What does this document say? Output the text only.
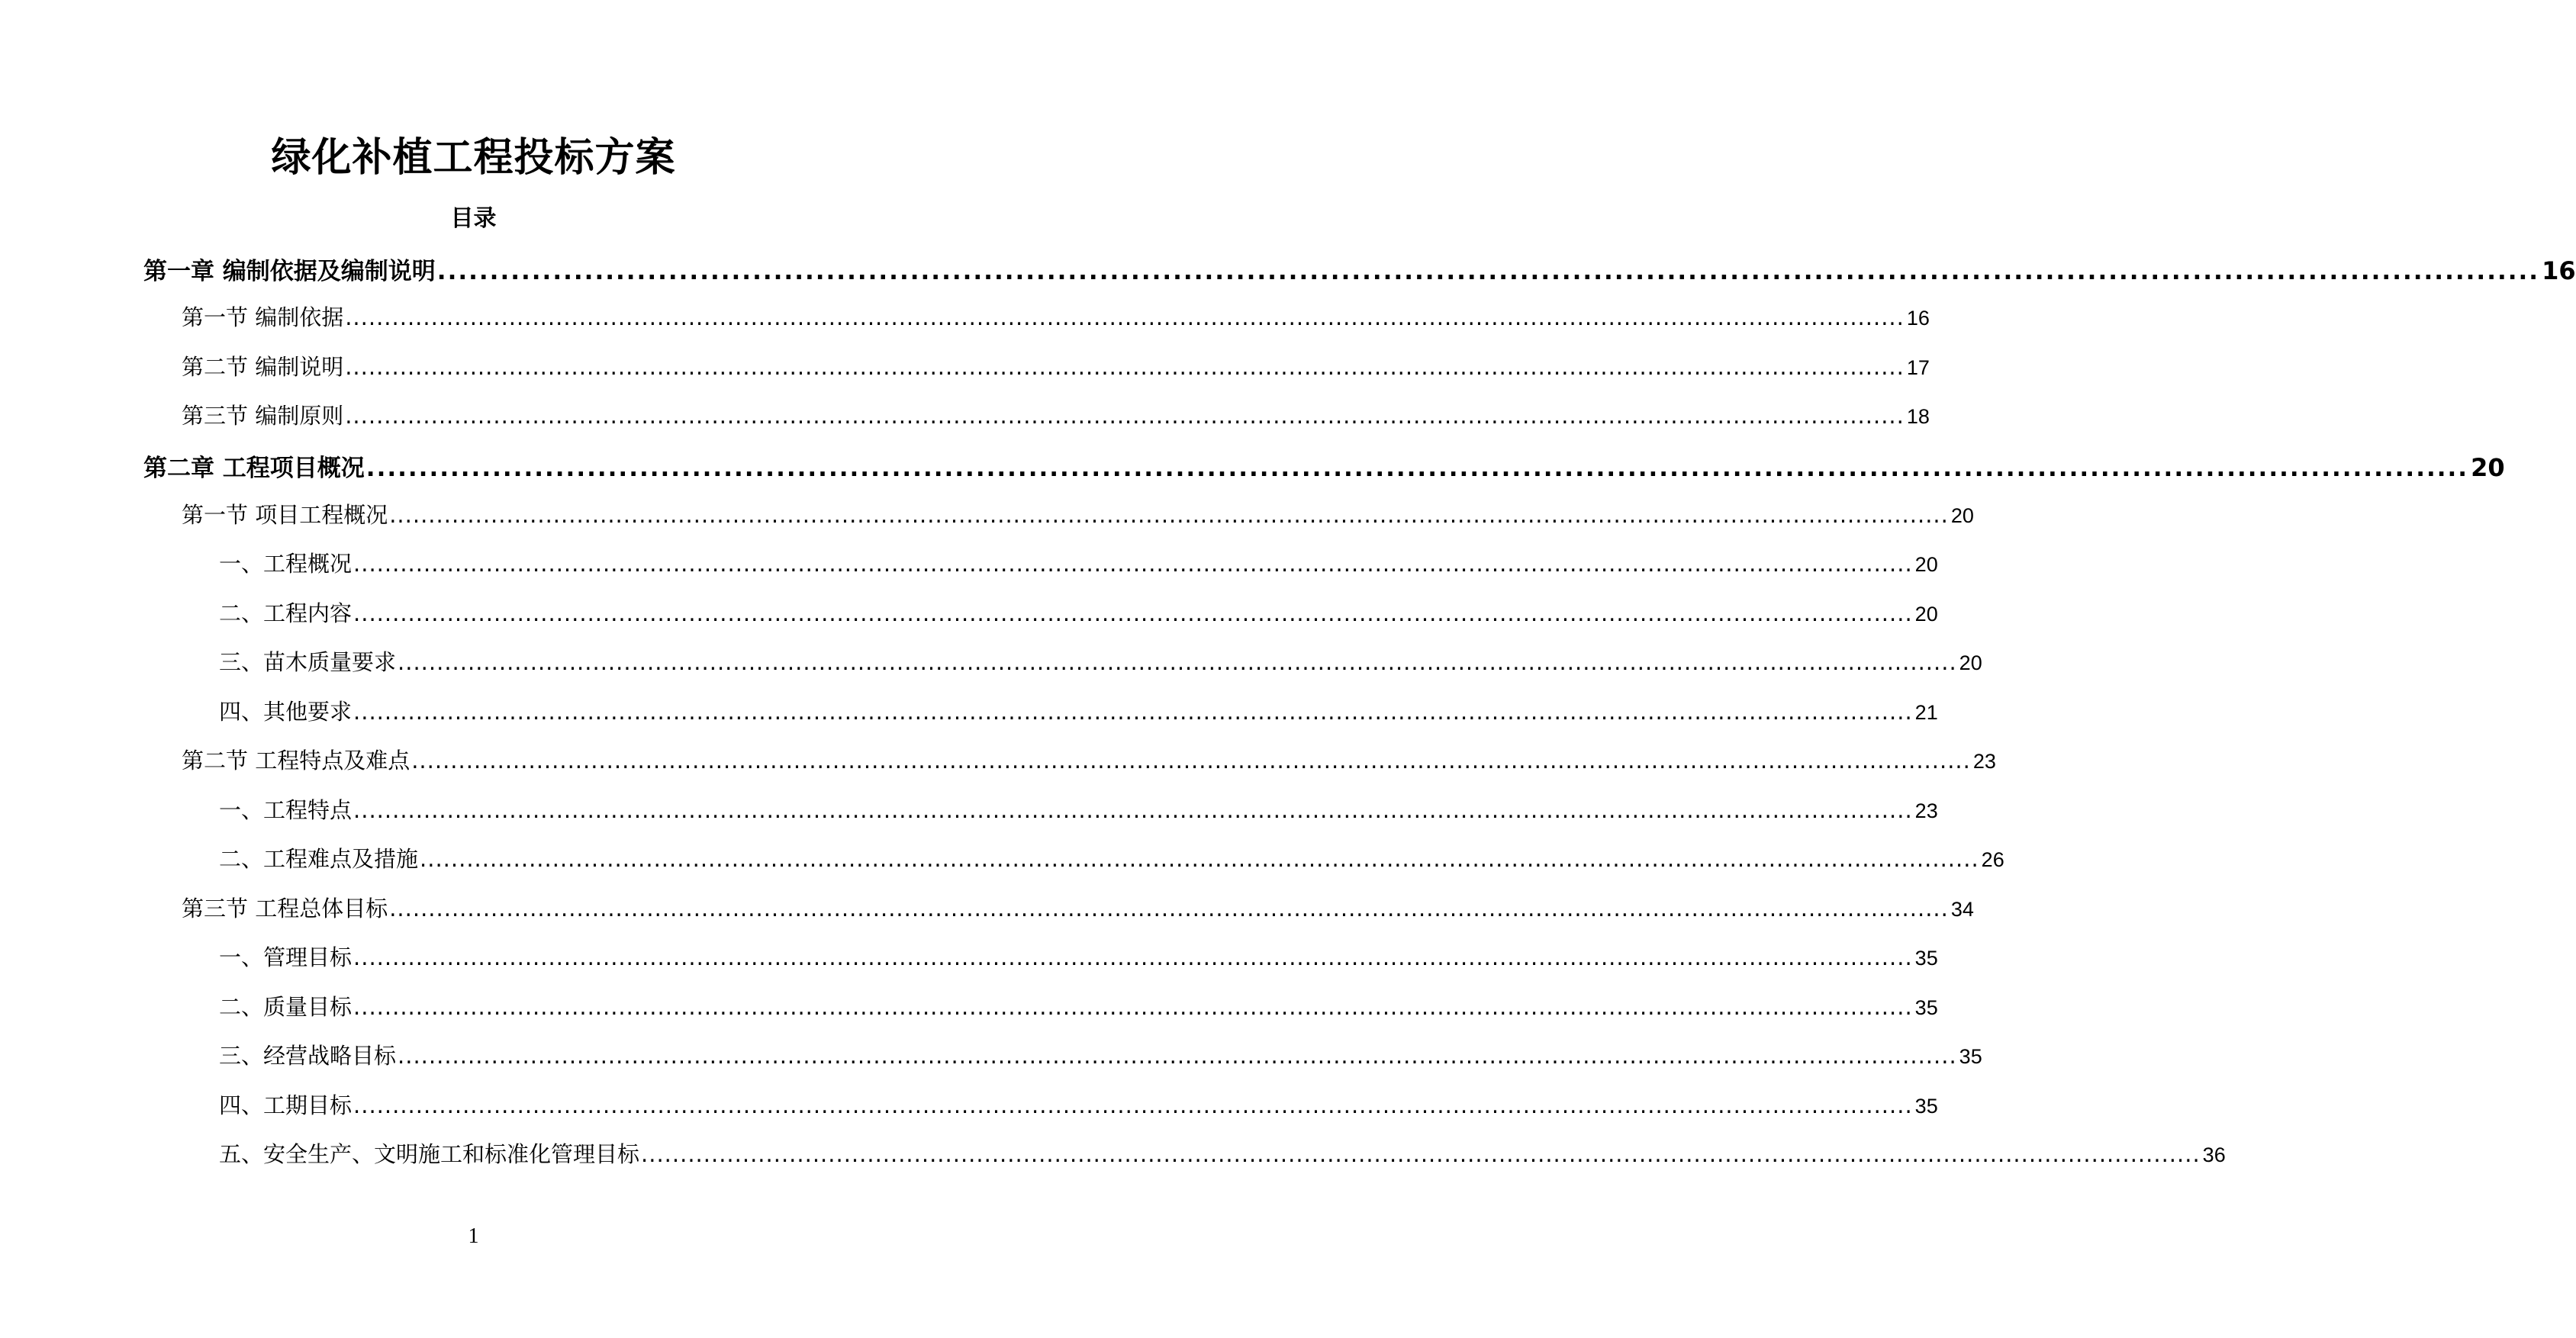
绿化补植工程投标方案
目录
第一章 编制依据及编制说明 ........................................................................................................................................................................................................ 16
第一节 编制依据 ........................................................................................................................................................................................................ 16
第二节 编制说明 ........................................................................................................................................................................................................ 17
第三节 编制原则 ........................................................................................................................................................................................................ 18
第二章 工程项目概况 ........................................................................................................................................................................................................ 20
第一节 项目工程概况 ........................................................................................................................................................................................................ 20
一、工程概况 ........................................................................................................................................................................................................ 20
二、工程内容 ........................................................................................................................................................................................................ 20
三、苗木质量要求 ........................................................................................................................................................................................................ 20
四、其他要求 ........................................................................................................................................................................................................ 21
第二节 工程特点及难点 ........................................................................................................................................................................................................ 23
一、工程特点 ........................................................................................................................................................................................................ 23
二、工程难点及措施 ........................................................................................................................................................................................................ 26
第三节 工程总体目标 ........................................................................................................................................................................................................ 34
一、管理目标 ........................................................................................................................................................................................................ 35
二、质量目标 ........................................................................................................................................................................................................ 35
三、经营战略目标 ........................................................................................................................................................................................................ 35
四、工期目标 ........................................................................................................................................................................................................ 35
五、安全生产、文明施工和标准化管理目标 ........................................................................................................................................................................................................ 36
1
